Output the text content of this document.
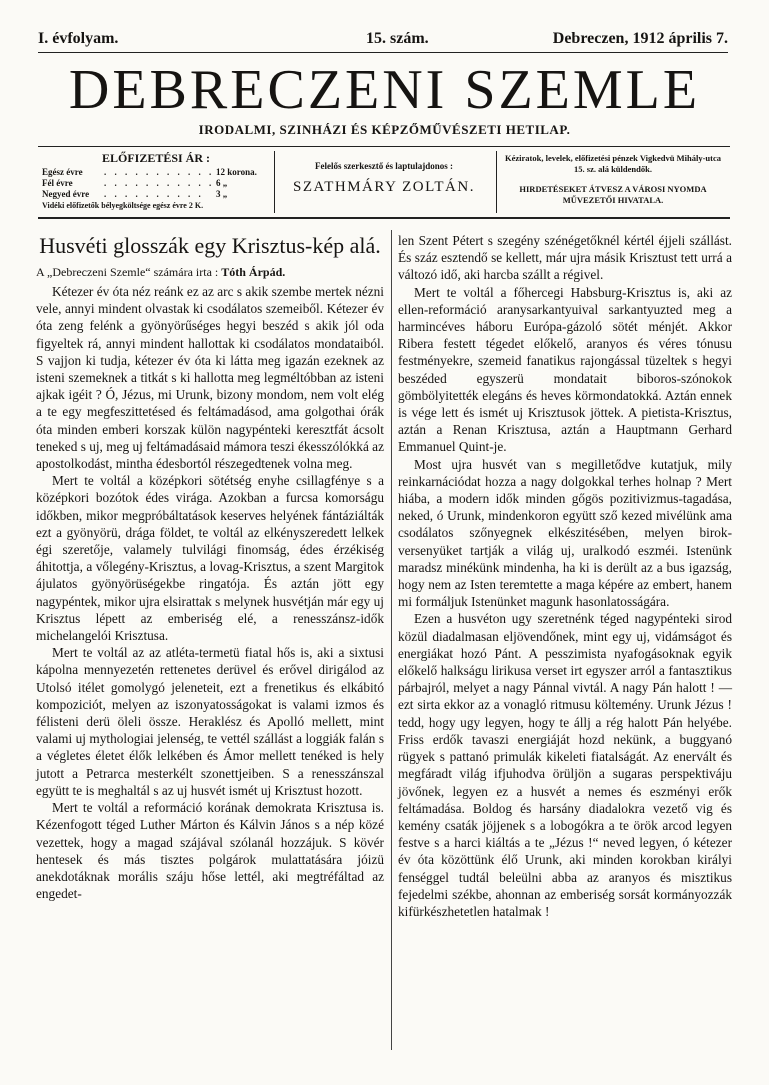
I. évfolyam.	15. szám.	Debreczen, 1912 április 7.
DEBRECZENI SZEMLE
IRODALMI, SZINHÁZI ÉS KÉPZŐMŰVÉSZETI HETILAP.
ELŐFIZETÉSI ÁR :
Egész évre . . . . . . . . . . . 12 korona.
Fél évre	. . . . . . . . . . . 6 „
Negyed évre . . . . . . . . . . 3 „
Vidéki előfizetők bélyegköltsége egész évre 2 K.
Felelős szerkesztő és laptulajdonos :
SZATHMÁRY ZOLTÁN.
Kéziratok, levelek, előfizetési pénzek Vigkedvü Mihály-utca 15. sz. alá küldendők.
HIRDETÉSEKET ÁTVESZ A VÁROSI NYOMDA MŰVEZETŐI HIVATALA.
Husvéti glosszák egy Krisztus-kép alá.
A „Debreczeni Szemle“ számára irta : Tóth Árpád.

Kétezer év óta néz reánk ez az arc s akik szembe mertek nézni vele, annyi mindent olvastak ki csodálatos szemeiből. Kétezer év óta zeng felénk a gyönyörűséges hegyi beszéd s akik jól oda figyeltek rá, annyi mindent hallottak ki csodálatos mondataiból. S vajjon ki tudja, kétezer év óta ki látta meg igazán ezeknek az isteni szemeknek a titkát s ki hallotta meg legméltóbban az isteni ajkak igéit ? Ó, Jézus, mi Urunk, bizony mondom, nem volt elég a te egy megfeszittetésed és feltámadásod, ama golgothai órák óta minden emberi korszak külön nagypénteki keresztfát ácsolt teneked s uj, meg uj feltámadásaid mámora teszi ékesszólókká az apostolkodást, mintha édesbortól részegedtenek volna meg.

Mert te voltál a középkori sötétség enyhe csillagfénye s a középkori bozótok édes virága. Azokban a furcsa komorságu időkben, mikor megpróbáltatások keserves helyének fántáziálták ezt a gyönyörü, drága földet, te voltál az elkényszeredett lelkek égi szeretője, valamely tulvilági finomság, édes érzékiség áhitottja, a vőlegény-Krisztus, a lovag-Krisztus, a szent Margitok ájulatos gyönyörüségekbe ringatója. És aztán jött egy nagypéntek, mikor ujra elsirattak s melynek husvétján már egy uj Krisztus lépett az emberiség elé, a renesszánsz-idők michelangelói Krisztusa.

Mert te voltál az az atléta-termetü fiatal hős is, aki a sixtusi kápolna mennyezetén rettenetes derüvel és erővel dirigálod az Utolsó itélet gomolygó jeleneteit, ezt a frenetikus és elkábitó kompoziciót, melyen az iszonyatosságokat is valami izmos és félisteni derü öleli össze. Heraklész és Apolló mellett, mint valami uj mythologiai jelenség, te vettél szállást a loggiák falán s a végletes életet élők lelkében és Ámor mellett tenéked is hely jutott a Petrarca mesterkélt szonettjeiben. S a renesszánszal együtt te is meghaltál s az uj husvét ismét uj Krisztust hozott.

Mert te voltál a reformáció korának demokrata Krisztusa is. Kézenfogott téged Luther Márton és Kálvin János s a nép közé vezettek, hogy a magad szájával szólanál hozzájuk. S kövér hentesek és más tisztes polgárok mulattatására jóizü anekdotáknak morális száju hőse lettél, aki megtréfáltad az engedet-

len Szent Pétert s szegény szénégetőknél kértél éjjeli szállást. És száz esztendő se kellett, már ujra másik Krisztust tett urrá a változó idő, aki harcba szállt a régivel.

Mert te voltál a főhercegi Habsburg-Krisztus is, aki az ellen-reformáció aranysarkantyuival sarkantyuzted meg a harmincéves háboru Európa-gázoló sötét ménjét. Akkor Ribera festett tégedet előkelő, aranyos és véres tónusu festményekre, szemeid fanatikus rajongással tüzeltek s hegyi beszéded egyszerü mondatait biboros-szónokok gömbölyitették elegáns és heves körmondatokká. Aztán ennek is vége lett és ismét uj Krisztusok jöttek. A pietista-Krisztus, aztán a Renan Krisztusa, aztán a Hauptmann Gerhard Emmanuel Quint-je.

Most ujra husvét van s megilletődve kutatjuk, mily reinkarnációdat hozza a nagy dolgokkal terhes holnap ? Mert hiába, a modern idők minden gőgös pozitivizmus-tagadása, neked, ó Urunk, mindenkoron együtt sző kezed mivélünk ama csodálatos szőnyegnek elkészitésében, melyen birok-versenyüket tartják a világ uj, uralkodó eszméi. Istenünk maradsz minékünk mindenha, ha ki is derült az a bus igazság, hogy nem az Isten teremtette a maga képére az embert, hanem mi formáljuk Istenünket magunk hasonlatosságára.

Ezen a husvéton ugy szeretnénk téged nagypénteki sirod közül diadalmasan eljövendőnek, mint egy uj, vidámságot és energiákat hozó Pánt. A pesszimista nyafogásoknak egyik előkelő halkságu lirikusa verset irt egyszer arról a fantasztikus párbajról, melyet a nagy Pánnal vivtál. A nagy Pán halott ! — ezt sirta ekkor az a vonagló ritmusu költemény. Urunk Jézus ! tedd, hogy ugy legyen, hogy te állj a rég halott Pán helyébe. Friss erdők tavaszi energiáját hozd nekünk, a buggyanó rügyek s pattanó primulák kikeleti fiatalságát. Az enervált és megfáradt világ ifjuhodva örüljön a sugaras perspektiváju jövőnek, legyen ez a husvét a nemes és eszményi erők feltámadása. Boldog és harsány diadalokra vezető vig és kemény csaták jöjjenek s a lobogókra a te örök arcod legyen festve s a harci kiáltás a te „Jézus !“ neved legyen, ó kétezer év óta közöttünk élő Urunk, aki minden korokban királyi fenséggel tudtál beleülni abba az aranyos és misztikus fejedelmi székbe, ahonnan az emberiség sorsát kormányozzák kifürkészhetetlen hatalmak !
